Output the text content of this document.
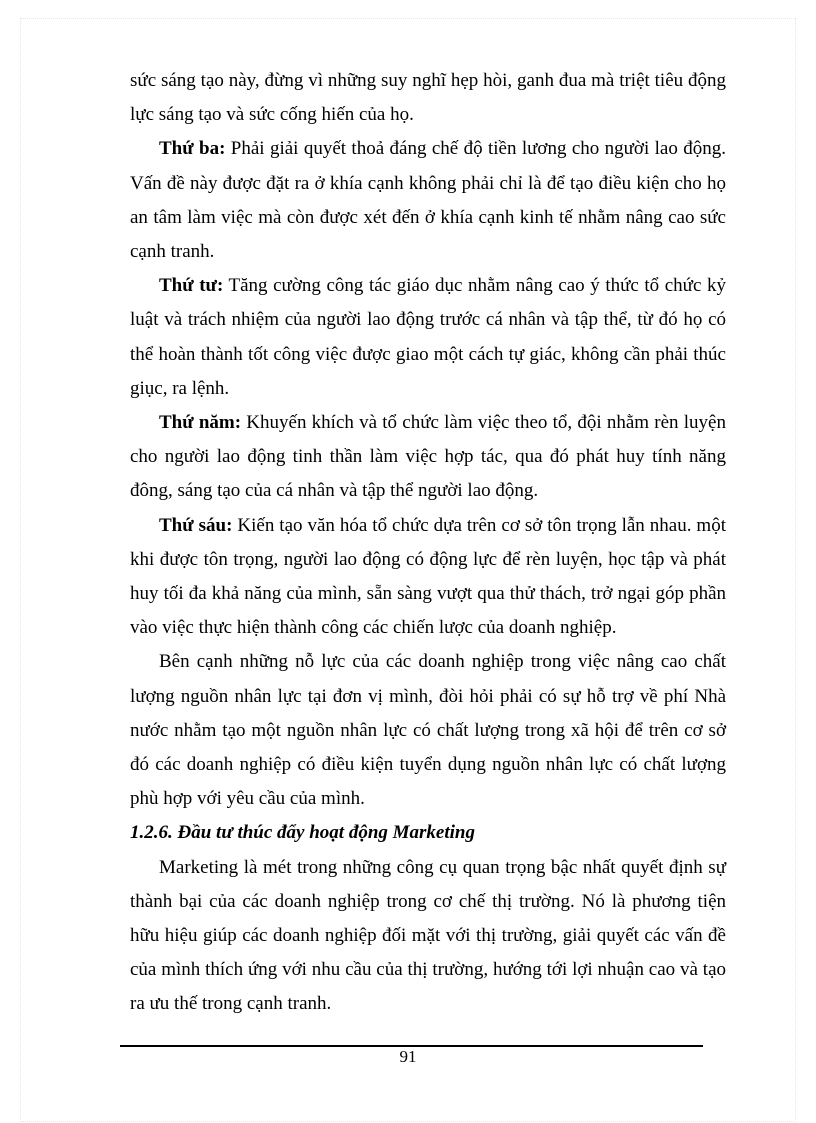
sức sáng tạo này, đừng vì những suy nghĩ hẹp hòi, ganh đua mà triệt tiêu động lực sáng tạo và sức cống hiến của họ.

Thứ ba: Phải giải quyết thoả đáng chế độ tiền lương cho người lao động. Vấn đề này được đặt ra ở khía cạnh không phải chỉ là để tạo điều kiện cho họ an tâm làm việc mà còn được xét đến ở khía cạnh kinh tế nhằm nâng cao sức cạnh tranh.

Thứ tư: Tăng cường công tác giáo dục nhằm nâng cao ý thức tổ chức kỷ luật và trách nhiệm của người lao động trước cá nhân và tập thể, từ đó họ có thể hoàn thành tốt công việc được giao một cách tự giác, không cần phải thúc giục, ra lệnh.

Thứ năm: Khuyến khích và tổ chức làm việc theo tổ, đội nhằm rèn luyện cho người lao động tinh thần làm việc hợp tác, qua đó phát huy tính năng đông, sáng tạo của cá nhân và tập thể người lao động.

Thứ sáu: Kiến tạo văn hóa tổ chức dựa trên cơ sở tôn trọng lẫn nhau. một khi được tôn trọng, người lao động có động lực để rèn luyện, học tập và phát huy tối đa khả năng của mình, sẵn sàng vượt qua thử thách, trở ngại góp phần vào việc thực hiện thành công các chiến lược của doanh nghiệp.

Bên cạnh những nỗ lực của các doanh nghiệp trong việc nâng cao chất lượng nguồn nhân lực tại đơn vị mình, đòi hỏi phải có sự hỗ trợ về phí Nhà nước nhằm tạo một nguồn nhân lực có chất lượng trong xã hội để trên cơ sở đó các doanh nghiệp có điều kiện tuyển dụng nguồn nhân lực có chất lượng phù hợp với yêu cầu của mình.

1.2.6. Đầu tư thúc đẩy hoạt động Marketing

Marketing là mét trong những công cụ quan trọng bậc nhất quyết định sự thành bại của các doanh nghiệp trong cơ chế thị trường. Nó là phương tiện hữu hiệu giúp các doanh nghiệp đối mặt với thị trường, giải quyết các vấn đề của mình thích ứng với nhu cầu của thị trường, hướng tới lợi nhuận cao và tạo ra ưu thế trong cạnh tranh.

91
